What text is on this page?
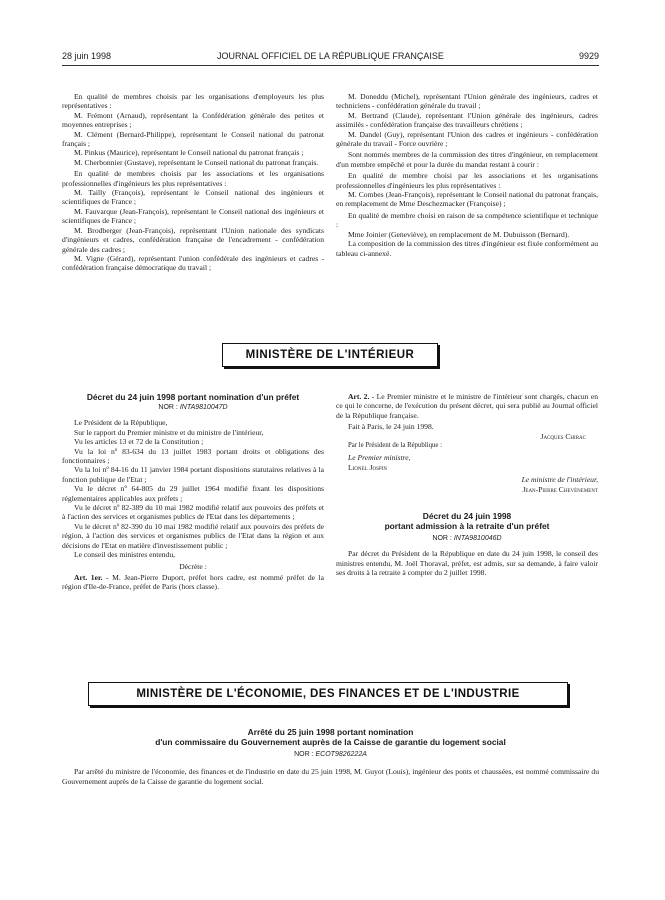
28 juin 1998	JOURNAL OFFICIEL DE LA RÉPUBLIQUE FRANÇAISE	9929

En qualité de membres choisis par les organisations d'employeurs les plus représentatives :

M. Frémont (Arnaud), représentant la Confédération générale des petites et moyennes entreprises ;

M. Clément (Bernard-Philippe), représentant le Conseil national du patronat français ;

M. Pinkus (Maurice), représentant le Conseil national du patronat français ;

M. Cherbonnier (Gustave), représentant le Conseil national du patronat français.

En qualité de membres choisis par les associations et les organisations professionnelles d'ingénieurs les plus représentatives :

M. Tailly (François), représentant le Conseil national des ingénieurs et scientifiques de France ;

M. Fauvarque (Jean-François), représentant le Conseil national des ingénieurs et scientifiques de France ;

M. Brodberger (Jean-François), représentant l'Union nationale des syndicats d'ingénieurs et cadres, confédération française de l'encadrement - confédération générale des cadres ;

M. Vigne (Gérard), représentant l'union confédérale des ingénieurs et cadres - confédération française démocratique du travail ;

M. Doneddu (Michel), représentant l'Union générale des ingénieurs, cadres et techniciens - confédération générale du travail ;

M. Bertrand (Claude), représentant l'Union générale des ingénieurs, cadres assimilés - confédération française des travailleurs chrétiens ;

M. Dandel (Guy), représentant l'Union des cadres et ingénieurs - confédération générale du travail - Force ouvrière ;

Sont nommés membres de la commission des titres d'ingénieur, en remplacement d'un membre empêché et pour la durée du mandat restant à courir :

En qualité de membre choisi par les associations et les organisations professionnelles d'ingénieurs les plus représentatives :

M. Combes (Jean-François), représentant le Conseil national du patronat français, en remplacement de Mme Deschezmacker (Françoise) ;

En qualité de membre choisi en raison de sa compétence scientifique et technique :

Mme Joinier (Geneviève), en remplacement de M. Dubuisson (Bernard).

La composition de la commission des titres d'ingénieur est fixée conformément au tableau ci-annexé.

MINISTÈRE DE L'INTÉRIEUR
Décret du 24 juin 1998 portant nomination d'un préfet
NOR : INTA9810047D

Le Président de la République,

Sur le rapport du Premier ministre et du ministre de l'intérieur,

Vu les articles 13 et 72 de la Constitution ;

Vu la loi nº 83-634 du 13 juillet 1983 portant droits et obligations des fonctionnaires ;

Vu la loi nº 84-16 du 11 janvier 1984 portant dispositions statutaires relatives à la fonction publique de l'Etat ;

Vu le décret nº 64-805 du 29 juillet 1964 modifié fixant les dispositions réglementaires applicables aux préfets ;

Vu le décret nº 82-389 du 10 mai 1982 modifié relatif aux pouvoirs des préfets et à l'action des services et organismes publics de l'Etat dans les départements ;

Vu le décret nº 82-390 du 10 mai 1982 modifié relatif aux pouvoirs des préfets de région, à l'action des services et organismes publics de l'Etat dans la région et aux décisions de l'Etat en matière d'investissement public ;

Le conseil des ministres entendu,

Décrète :

Art. 1er. - M. Jean-Pierre Duport, préfet hors cadre, est nommé préfet de la région d'Ile-de-France, préfet de Paris (hors classe).

Art. 2. - Le Premier ministre et le ministre de l'intérieur sont chargés, chacun en ce qui le concerne, de l'exécution du présent décret, qui sera publié au Journal officiel de la République française.

Fait à Paris, le 24 juin 1998.

Jacques Chirac

Par le Président de la République :

Le Premier ministre,

Lionel Jospin

Le ministre de l'intérieur,

Jean-Pierre Chevènement

Décret du 24 juin 1998
portant admission à la retraite d'un préfet
NOR : INTA9810046D

Par décret du Président de la République en date du 24 juin 1998, le conseil des ministres entendu, M. Joël Thoraval, préfet, est admis, sur sa demande, à faire valoir ses droits à la retraite à compter du 2 juillet 1998.

MINISTÈRE DE L'ÉCONOMIE, DES FINANCES ET DE L'INDUSTRIE
Arrêté du 25 juin 1998 portant nomination
d'un commissaire du Gouvernement auprès de la Caisse de garantie du logement social
NOR : ECOT9826222A

Par arrêté du ministre de l'économie, des finances et de l'industrie en date du 25 juin 1998, M. Guyot (Louis), ingénieur des ponts et chaussées, est nommé commissaire du Gouvernement auprès de la Caisse de garantie du logement social.
